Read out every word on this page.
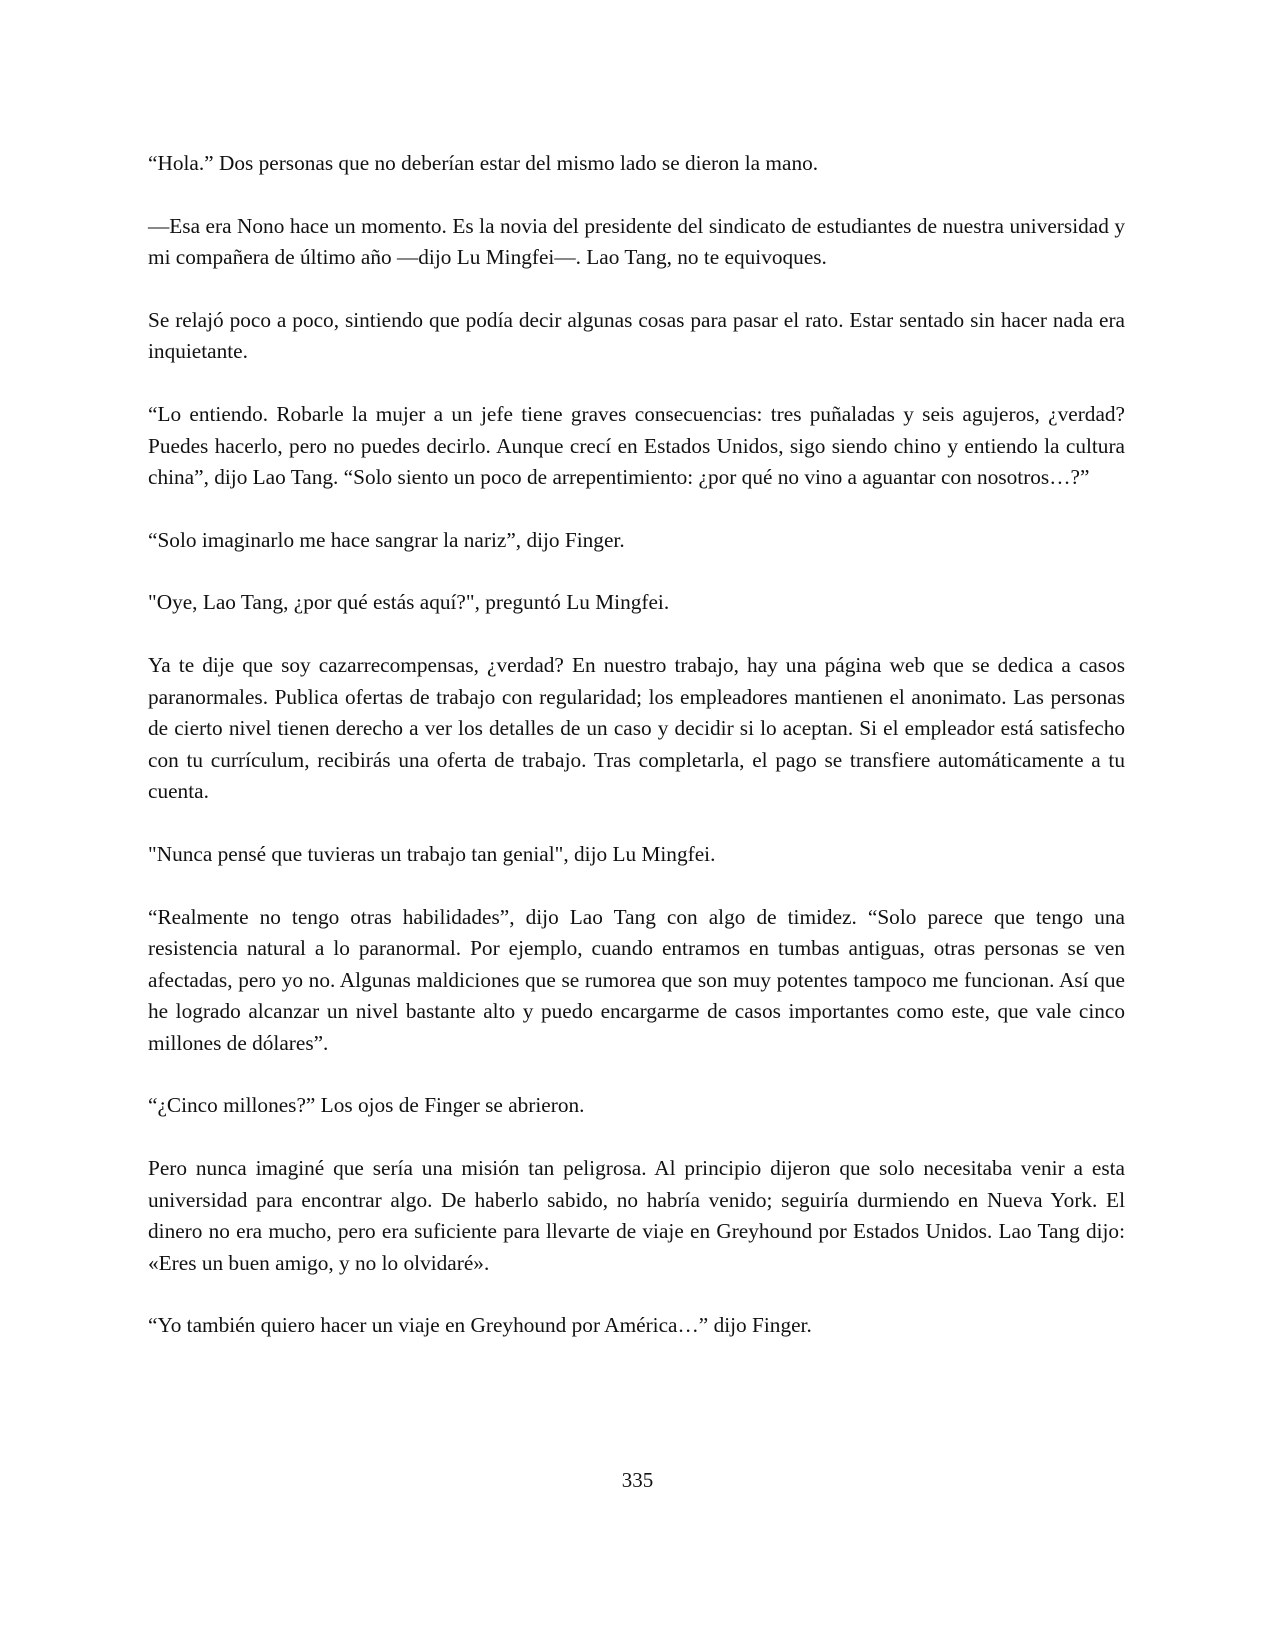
“Hola.” Dos personas que no deberían estar del mismo lado se dieron la mano.

—Esa era Nono hace un momento. Es la novia del presidente del sindicato de estudiantes de nuestra universidad y mi compañera de último año —dijo Lu Mingfei—. Lao Tang, no te equivoques.

Se relajó poco a poco, sintiendo que podía decir algunas cosas para pasar el rato. Estar sentado sin hacer nada era inquietante.

“Lo entiendo. Robarle la mujer a un jefe tiene graves consecuencias: tres puñaladas y seis agujeros, ¿verdad? Puedes hacerlo, pero no puedes decirlo. Aunque crecí en Estados Unidos, sigo siendo chino y entiendo la cultura china”, dijo Lao Tang. “Solo siento un poco de arrepentimiento: ¿por qué no vino a aguantar con nosotros…?”

“Solo imaginarlo me hace sangrar la nariz”, dijo Finger.

"Oye, Lao Tang, ¿por qué estás aquí?", preguntó Lu Mingfei.

Ya te dije que soy cazarrecompensas, ¿verdad? En nuestro trabajo, hay una página web que se dedica a casos paranormales. Publica ofertas de trabajo con regularidad; los empleadores mantienen el anonimato. Las personas de cierto nivel tienen derecho a ver los detalles de un caso y decidir si lo aceptan. Si el empleador está satisfecho con tu currículum, recibirás una oferta de trabajo. Tras completarla, el pago se transfiere automáticamente a tu cuenta.

"Nunca pensé que tuvieras un trabajo tan genial", dijo Lu Mingfei.

“Realmente no tengo otras habilidades”, dijo Lao Tang con algo de timidez. “Solo parece que tengo una resistencia natural a lo paranormal. Por ejemplo, cuando entramos en tumbas antiguas, otras personas se ven afectadas, pero yo no. Algunas maldiciones que se rumorea que son muy potentes tampoco me funcionan. Así que he logrado alcanzar un nivel bastante alto y puedo encargarme de casos importantes como este, que vale cinco millones de dólares”.

“¿Cinco millones?” Los ojos de Finger se abrieron.

Pero nunca imaginé que sería una misión tan peligrosa. Al principio dijeron que solo necesitaba venir a esta universidad para encontrar algo. De haberlo sabido, no habría venido; seguiría durmiendo en Nueva York. El dinero no era mucho, pero era suficiente para llevarte de viaje en Greyhound por Estados Unidos. Lao Tang dijo: «Eres un buen amigo, y no lo olvidaré».

“Yo también quiero hacer un viaje en Greyhound por América…” dijo Finger.

335
